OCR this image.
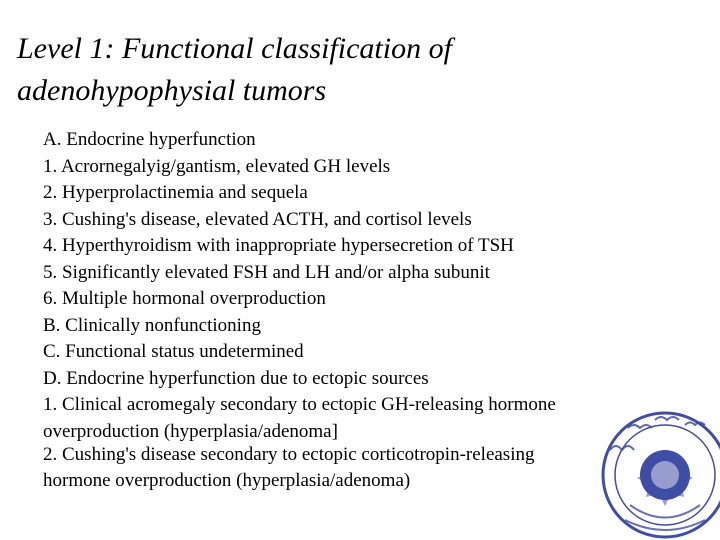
Level 1: Functional classification of
adenohypophysial tumors
A. Endocrine hyperfunction
1. Acrornegalyig/gantism, elevated GH levels
2. Hyperprolactinemia and sequela
3. Cushing's disease, elevated ACTH, and cortisol levels
4. Hyperthyroidism with inappropriate hypersecretion of TSH
5. Significantly elevated FSH and LH and/or alpha subunit
6. Multiple hormonal overproduction
B. Clinically nonfunctioning
C. Functional status undetermined
D. Endocrine hyperfunction due to ectopic sources
1. Clinical acromegaly secondary to ectopic GH-releasing hormone
overproduction (hyperplasia/adenoma]
2. Cushing's disease secondary to ectopic corticotropin-releasing
hormone overproduction (hyperplasia/adenoma)
